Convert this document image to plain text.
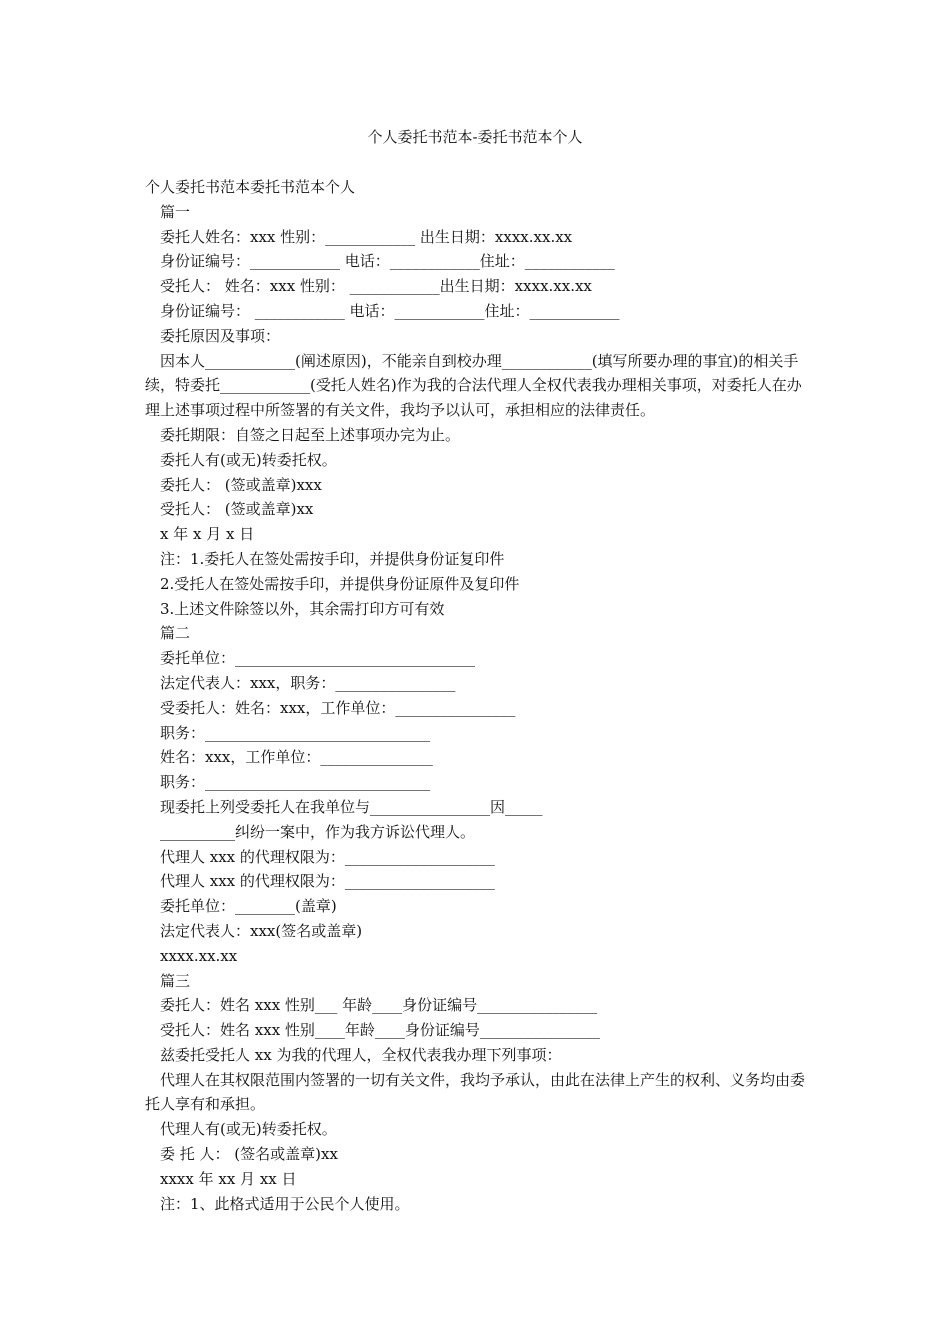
个人委托书范本-委托书范本个人
个人委托书范本委托书范本个人
篇一
委托人姓名：xxx 性别：____________ 出生日期：xxxx.xx.xx
身份证编号：____________ 电话：____________住址：____________
受托人： 姓名：xxx 性别： ____________出生日期：xxxx.xx.xx
身份证编号： ____________ 电话：____________住址：____________
委托原因及事项：
因本人____________(阐述原因)，不能亲自到校办理____________(填写所要办理的事宜)的相关手续，特委托____________(受托人姓名)作为我的合法代理人全权代表我办理相关事项，对委托人在办理上述事项过程中所签署的有关文件，我均予以认可，承担相应的法律责任。
委托期限：自签之日起至上述事项办完为止。
委托人有(或无)转委托权。
委托人： (签或盖章)xxx
受托人： (签或盖章)xx
x 年 x 月 x 日
注：1.委托人在签处需按手印，并提供身份证复印件
2.受托人在签处需按手印，并提供身份证原件及复印件
3.上述文件除签以外，其余需打印方可有效
篇二
委托单位：________________________________
法定代表人：xxx，职务：________________
受委托人：姓名：xxx，工作单位：________________
职务：______________________________
姓名：xxx，工作单位：_______________
职务：______________________________
现委托上列受委托人在我单位与________________因_____
__________纠纷一案中，作为我方诉讼代理人。
代理人 xxx 的代理权限为：____________________
代理人 xxx 的代理权限为：____________________
委托单位：________(盖章)
法定代表人：xxx(签名或盖章)
xxxx.xx.xx
篇三
委托人：姓名 xxx 性别___ 年龄____身份证编号________________
受托人：姓名 xxx 性别____年龄____身份证编号________________
兹委托受托人 xx 为我的代理人，全权代表我办理下列事项：
代理人在其权限范围内签署的一切有关文件，我均予承认，由此在法律上产生的权利、义务均由委托人享有和承担。
代理人有(或无)转委托权。
委 托 人： (签名或盖章)xx
xxxx 年 xx 月 xx 日
注：1、此格式适用于公民个人使用。
